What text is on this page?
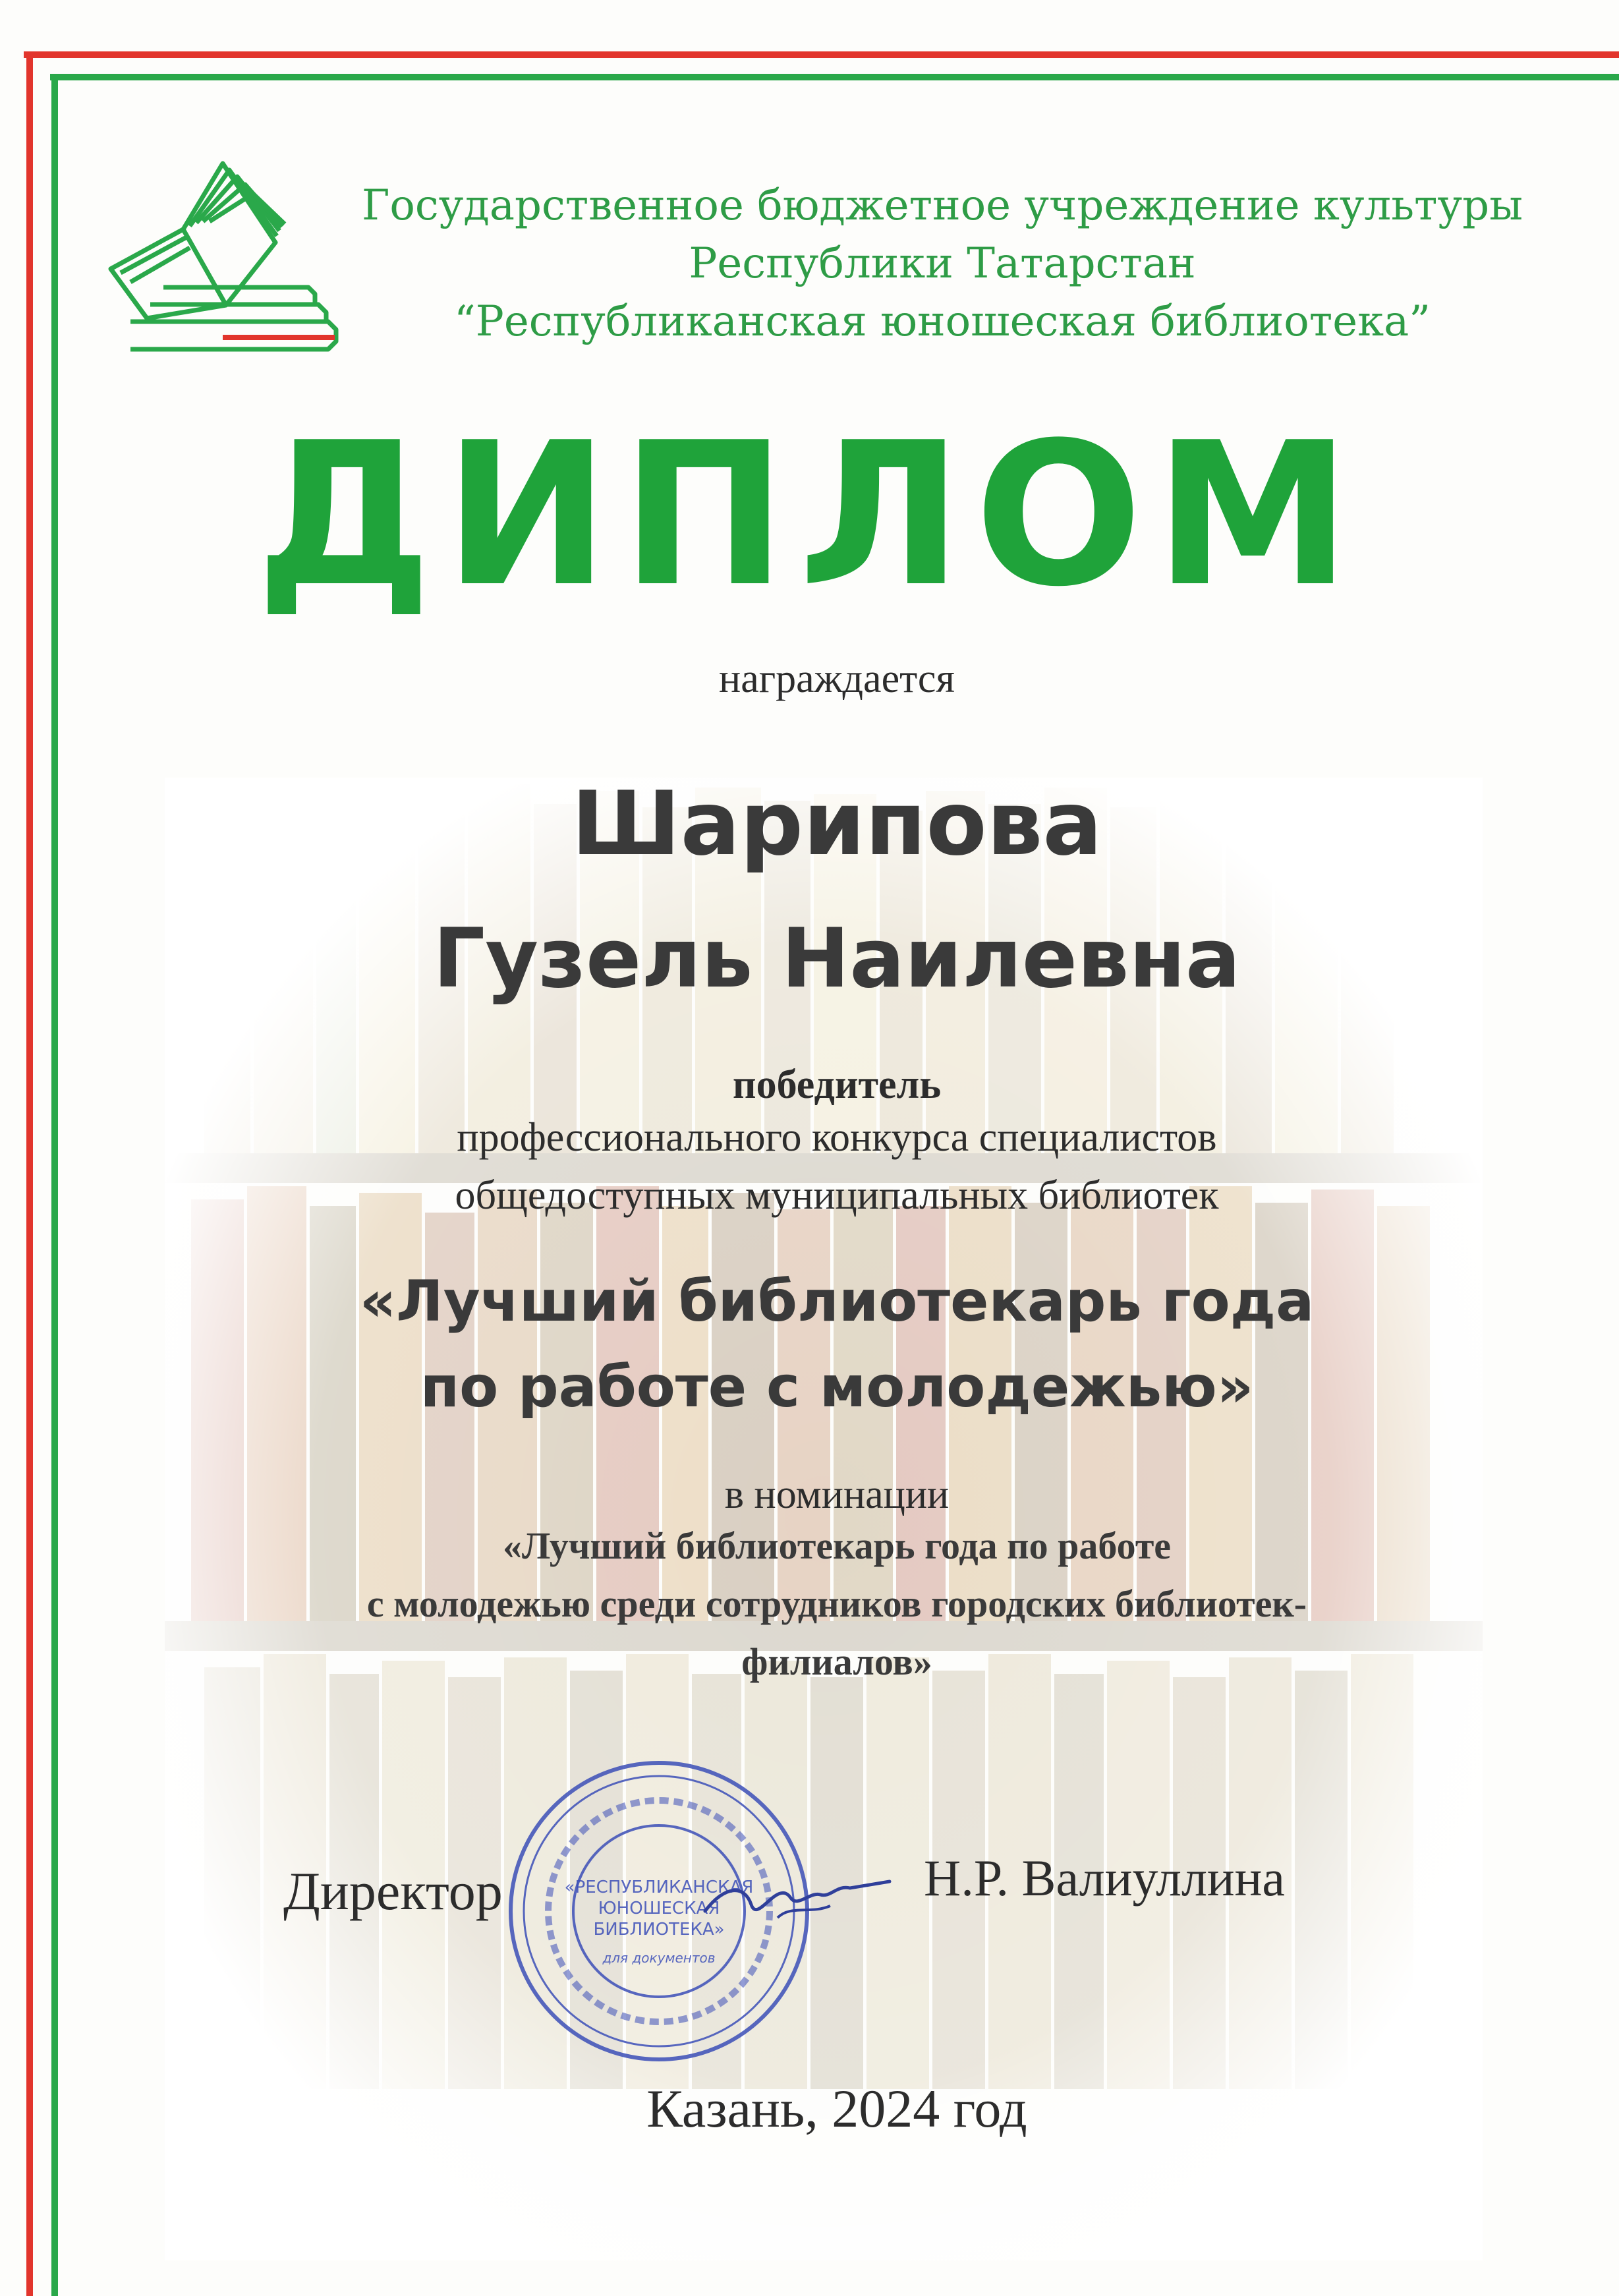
Государственное бюджетное учреждение культуры
Республики Татарстан
“Республиканская юношеская библиотека”
ДИПЛОМ
награждается
Шарипова
Гузель Наилевна
победитель
профессионального конкурса специалистов
общедоступных муниципальных библиотек
«Лучший библиотекарь года
по работе с молодежью»
в номинации
«Лучший библиотекарь года по работе
с молодежью среди сотрудников городских библиотек-
филиалов»
«РЕСПУБЛИКАНСКАЯ
ЮНОШЕСКАЯ
БИБЛИОТЕКА»
для документов
Директор	Н.Р. Валиуллина
Казань, 2024 год
